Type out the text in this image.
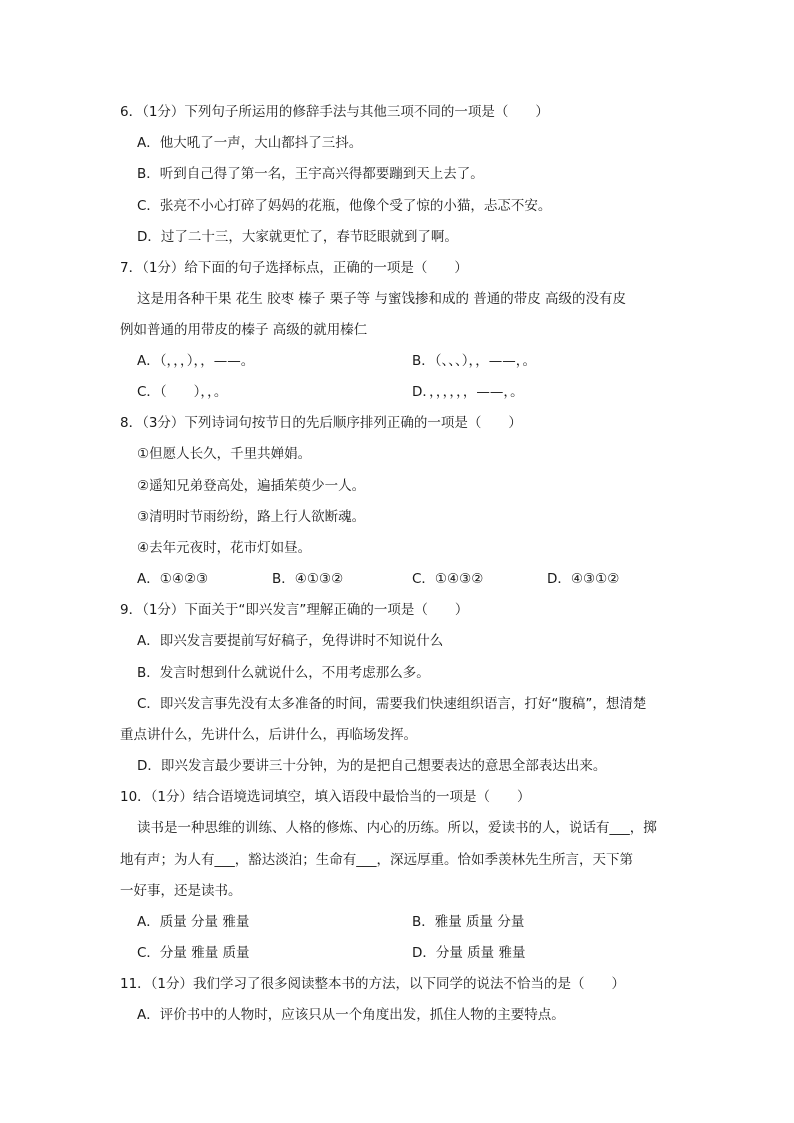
6．（1分）下列句子所运用的修辞手法与其他三项不同的一项是（　　）
A．他大吼了一声，大山都抖了三抖。
B．听到自己得了第一名，王宇高兴得都要蹦到天上去了。
C．张亮不小心打碎了妈妈的花瓶，他像个受了惊的小猫，忐忑不安。
D．过了二十三，大家就更忙了，春节眨眼就到了啊。
7．（1分）给下面的句子选择标点，正确的一项是（　　）
这是用各种干果 花生 胶枣 榛子 栗子等 与蜜饯掺和成的 普通的带皮 高级的没有皮
例如普通的用带皮的榛子 高级的就用榛仁
A．（，，，），，——。	B．（、、、），，——，。
C．（　　），，。	D．，，，，，，——，。
8．（3分）下列诗词句按节日的先后顺序排列正确的一项是（　　）
①但愿人长久，千里共婵娟。
②遥知兄弟登高处，遍插茱萸少一人。
③清明时节雨纷纷，路上行人欲断魂。
④去年元夜时，花市灯如昼。
A．①④②③	B．④①③②	C．①④③②	D．④③①②
9．（1分）下面关于“即兴发言”理解正确的一项是（　　）
A．即兴发言要提前写好稿子，免得讲时不知说什么
B．发言时想到什么就说什么，不用考虑那么多。
C．即兴发言事先没有太多准备的时间，需要我们快速组织语言，打好“腹稿”，想清楚
重点讲什么，先讲什么，后讲什么，再临场发挥。
D．即兴发言最少要讲三十分钟，为的是把自己想要表达的意思全部表达出来。
10．（1分）结合语境选词填空，填入语段中最恰当的一项是（　　）
读书是一种思维的训练、人格的修炼、内心的历练。所以，爱读书的人，说话有___，掷
地有声；为人有___，豁达淡泊；生命有___，深远厚重。恰如季羡林先生所言，天下第
一好事，还是读书。
A．质量 分量 雅量	B．雅量 质量 分量
C．分量 雅量 质量	D．分量 质量 雅量
11．（1分）我们学习了很多阅读整本书的方法，以下同学的说法不恰当的是（　　）
A．评价书中的人物时，应该只从一个角度出发，抓住人物的主要特点。
